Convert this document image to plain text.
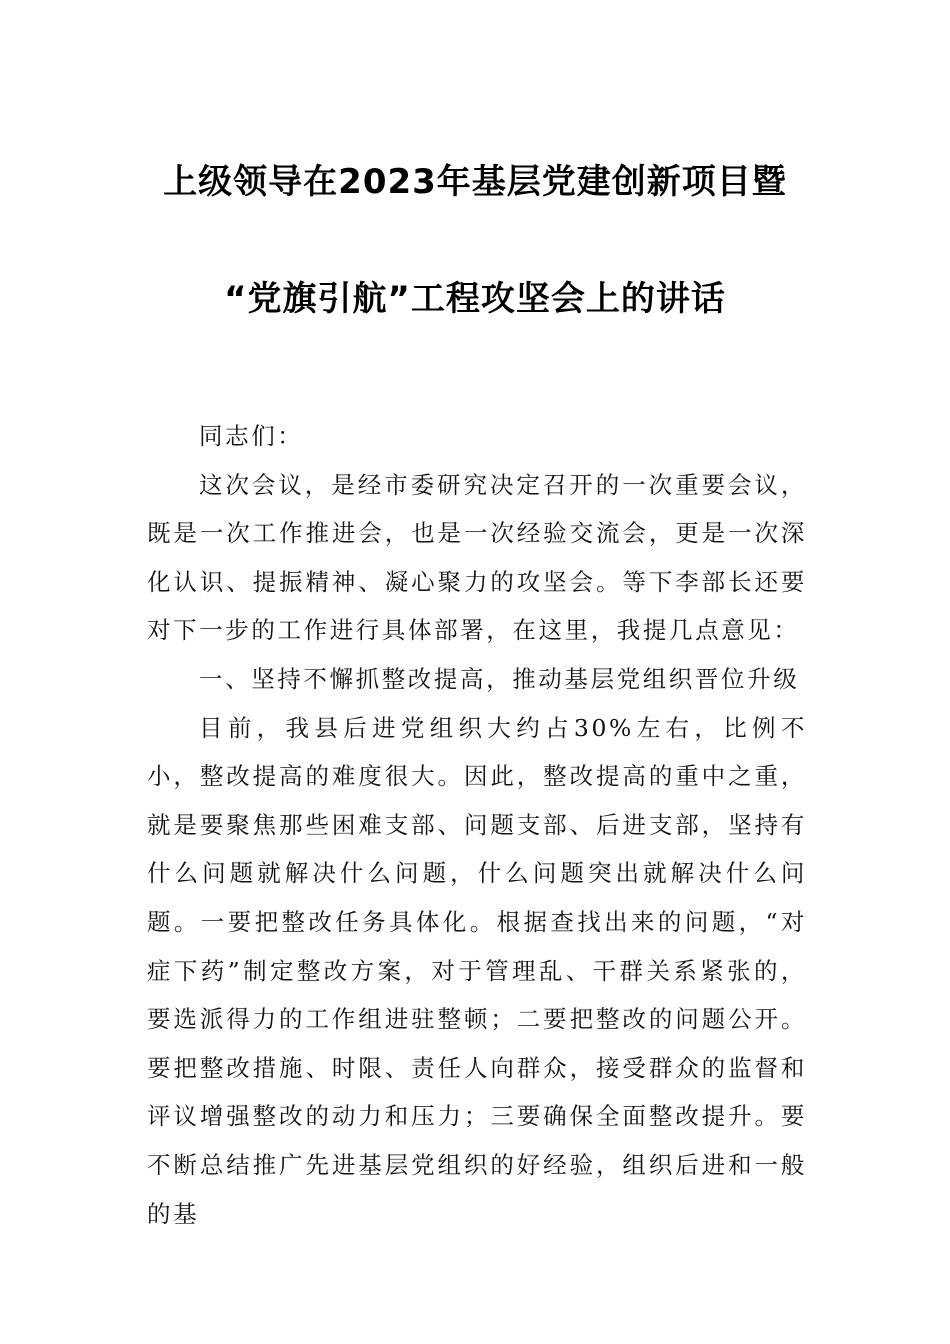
上级领导在2023年基层党建创新项目暨
“党旗引航”工程攻坚会上的讲话

同志们：

这次会议，是经市委研究决定召开的一次重要会议，既是一次工作推进会，也是一次经验交流会，更是一次深化认识、提振精神、凝心聚力的攻坚会。等下李部长还要对下一步的工作进行具体部署，在这里，我提几点意见：

一、坚持不懈抓整改提高，推动基层党组织晋位升级

目前，我县后进党组织大约占30%左右，比例不小，整改提高的难度很大。因此，整改提高的重中之重，就是要聚焦那些困难支部、问题支部、后进支部，坚持有什么问题就解决什么问题，什么问题突出就解决什么问题。一要把整改任务具体化。根据查找出来的问题，“对症下药”制定整改方案，对于管理乱、干群关系紧张的，要选派得力的工作组进驻整顿；二要把整改的问题公开。要把整改措施、时限、责任人向群众，接受群众的监督和评议增强整改的动力和压力；三要确保全面整改提升。要不断总结推广先进基层党组织的好经验，组织后进和一般的基
